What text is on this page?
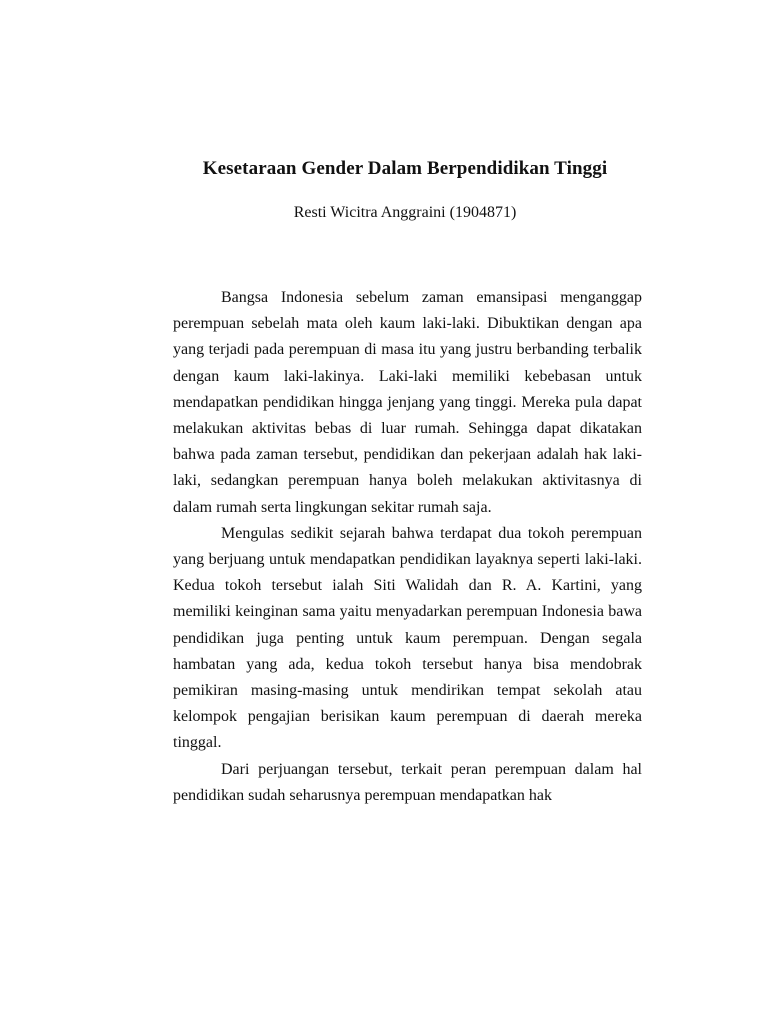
Kesetaraan Gender Dalam Berpendidikan Tinggi
Resti Wicitra Anggraini (1904871)

Bangsa Indonesia sebelum zaman emansipasi menganggap perempuan sebelah mata oleh kaum laki-laki. Dibuktikan dengan apa yang terjadi pada perempuan di masa itu yang justru berbanding terbalik dengan kaum laki-lakinya. Laki-laki memiliki kebebasan untuk mendapatkan pendidikan hingga jenjang yang tinggi. Mereka pula dapat melakukan aktivitas bebas di luar rumah. Sehingga dapat dikatakan bahwa pada zaman tersebut, pendidikan dan pekerjaan adalah hak laki-laki, sedangkan perempuan hanya boleh melakukan aktivitasnya di dalam rumah serta lingkungan sekitar rumah saja.

Mengulas sedikit sejarah bahwa terdapat dua tokoh perempuan yang berjuang untuk mendapatkan pendidikan layaknya seperti laki-laki. Kedua tokoh tersebut ialah Siti Walidah dan R. A. Kartini, yang memiliki keinginan sama yaitu menyadarkan perempuan Indonesia bawa pendidikan juga penting untuk kaum perempuan. Dengan segala hambatan yang ada, kedua tokoh tersebut hanya bisa mendobrak pemikiran masing-masing untuk mendirikan tempat sekolah atau kelompok pengajian berisikan kaum perempuan di daerah mereka tinggal.

Dari perjuangan tersebut, terkait peran perempuan dalam hal pendidikan sudah seharusnya perempuan mendapatkan hak
